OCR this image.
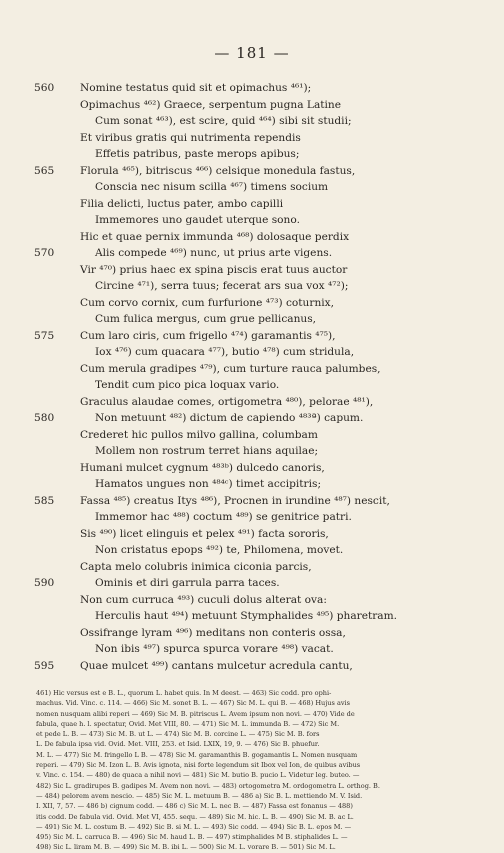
— 181 —
560	Nomine testatus quid sit et opimachus ⁴⁶¹);
Opimachus ⁴⁶²) Graece, serpentum pugna Latine
Cum sonat ⁴⁶³), est scire, quid ⁴⁶⁴) sibi sit studii;
Et viribus gratis qui nutrimenta rependis
Effetis patribus, paste merops apibus;
565	Florula ⁴⁶⁵), bitriscus ⁴⁶⁶) celsique monedula fastus,
Conscia nec nisum scilla ⁴⁶⁷) timens socium
Filia delicti, luctus pater, ambo capilli
Immemores uno gaudet uterque sono.
Hic et quae pernix immunda ⁴⁶⁸) dolosaque perdix
570	Alis compede ⁴⁶⁹) nunc, ut prius arte vigens.
Vir ⁴⁷⁰) prius haec ex spina piscis erat tuus auctor
Circine ⁴⁷¹), serra tuus; fecerat ars sua vox ⁴⁷²);
Cum corvo cornix, cum furfurione ⁴⁷³) coturnix,
Cum fulica mergus, cum grue pellicanus,
575	Cum laro ciris, cum frigello ⁴⁷⁴) garamantis ⁴⁷⁵),
Iox ⁴⁷⁶) cum quacara ⁴⁷⁷), butio ⁴⁷⁸) cum stridula,
Cum merula gradipes ⁴⁷⁹), cum turture rauca palumbes,
Tendit cum pico pica loquax vario.
Graculus alaudae comes, ortigometra ⁴⁸⁰), pelorae ⁴⁸¹),
580	Non metuunt ⁴⁸²) dictum de capiendo ⁴⁸³ª) capum.
Crederet hic pullos milvo gallina, columbam
Mollem non rostrum terret hians aquilae;
Humani mulcet cygnum ⁴⁸³ᵇ) dulcedo canoris,
Hamatos ungues non ⁴⁸⁴ᶜ) timet accipitris;
585	Fassa ⁴⁸⁵) creatus Itys ⁴⁸⁶), Procnen in irundine ⁴⁸⁷) nescit,
Immemor hac ⁴⁸⁸) coctum ⁴⁸⁹) se genitrice patri.
Sis ⁴⁹⁰) licet elinguis et pelex ⁴⁹¹) facta sororis,
Non cristatus epops ⁴⁹²) te, Philomena, movet.
Capta melo colubris inimica ciconia parcis,
590	Ominis et diri garrula parra taces.
Non cum curruca ⁴⁹³) cuculi dolus alterat ova:
Herculis haut ⁴⁹⁴) metuunt Stymphalides ⁴⁹⁵) pharetram.
Ossifrange lyram ⁴⁹⁶) meditans non conteris ossa,
Non ibis ⁴⁹⁷) spurca spurca vorare ⁴⁹⁸) vacat.
595	Quae mulcet ⁴⁹⁹) cantans mulcetur acredula cantu,
461) Hic versus est e B. L., quorum L. habet quis. In M deest. — 463) Sic codd. pro ophi-
machus. Vid. Vinc. c. 114. — 466) Sic M. sonet B. L. — 467) Sic M. L. qui B. — 468) Hujus avis
nomen nusquam alibi reperi — 469) Sic M. B. pitriscus L. Avem ipsum non novi. — 470) Vide de
fabula, quae h. l. spectatur, Ovid. Met VIII, 80. — 471) Sic M. L. immunda B. — 472) Sic M.
et pede L. B. — 473) Sic M. B. ut L. — 474) Sic M. B. corcine L. — 475) Sic M. B. fors
L. De fabula ipsa vid. Ovid. Met. VIII, 253. et Isid. LXIX, 19, 9. — 476) Sic B. phuefur.
M. L. — 477) Sic M. fringello L B. — 478) Sic M. garamanthis B. gogamantis L. Nomen nusquam
reperi. — 479) Sic M. Izon L. B. Avis ignota, nisi forte legendum sit Ibox vel Ion, de quibus avibus
v. Vinc. c. 154. — 480) de quaca a nihil novi — 481) Sic M. butio B. pucio L. Videtur leg. buteo. —
482) Sic L. gradirupes B. gadipes M. Avem non novi. — 483) ortogometra M. ordogometra L. orthog. B.
— 484) pelorem avem nescio. — 485) Sic M. L. metuum B. — 486 a) Sic B. L. mettiendo M. V. Isid.
I. XII, 7, 57. — 486 b) cignum codd. — 486 c) Sic M. L. nec B. — 487) Fassa est fonanus — 488)
itis codd. De fabula vid. Ovid. Met VI, 455. sequ. — 489) Sic M. hic. L. B. — 490) Sic M. B. ac L.
— 491) Sic M. L. costum B. — 492) Sic B. si M. L. — 493) Sic codd. — 494) Sic B. L. epos M. —
495) Sic M. L. carruca B. — 496) Sic M. haud L. B. — 497) stimphalides M B. stiphalides L. —
498) Sic L. liram M. B. — 499) Sic M. B. ibi L. — 500) Sic M. L. vorare B. — 501) Sic M. L.
